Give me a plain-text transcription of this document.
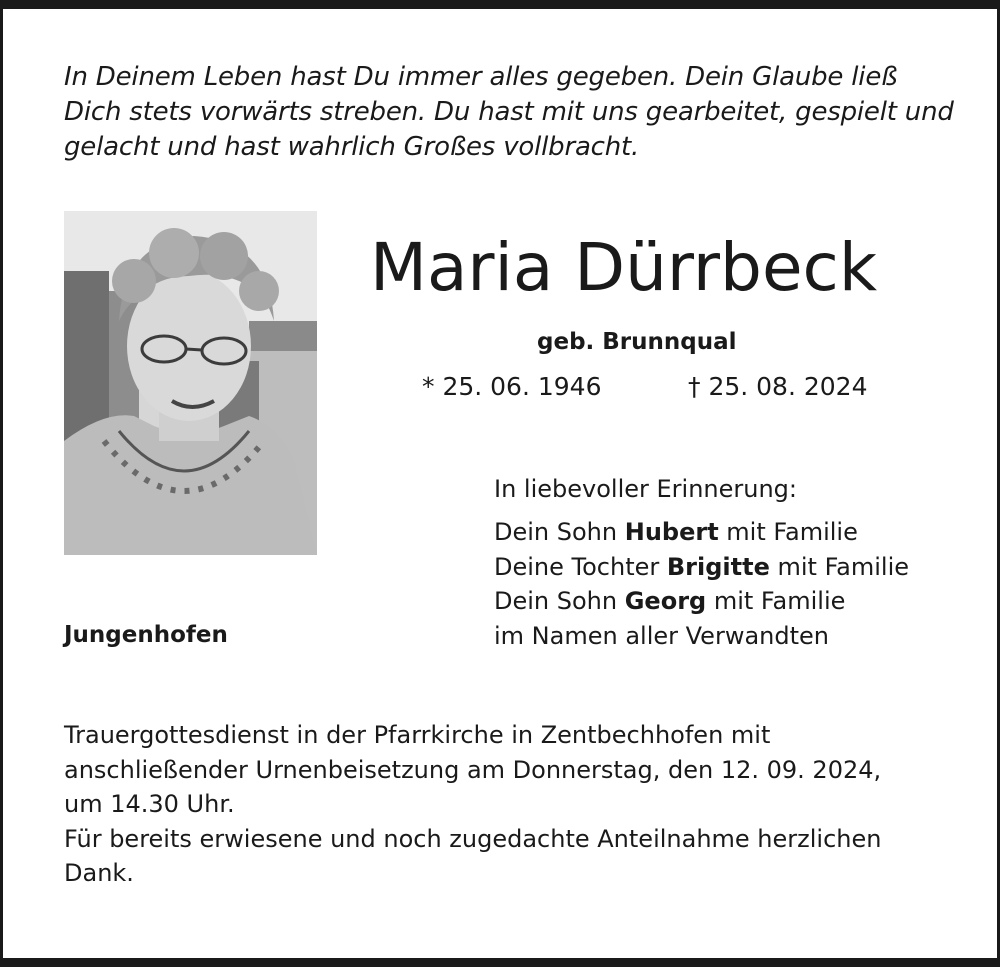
In Deinem Leben hast Du immer alles gegeben. Dein Glaube ließ
Dich stets vorwärts streben. Du hast mit uns gearbeitet, gespielt und
gelacht und hast wahrlich Großes vollbracht.
Maria Dürrbeck
geb. Brunnqual
* 25. 06. 1946	† 25. 08. 2024
In liebevoller Erinnerung:
Dein Sohn Hubert mit Familie
Deine Tochter Brigitte mit Familie
Dein Sohn Georg mit Familie
im Namen aller Verwandten
Jungenhofen
Trauergottesdienst in der Pfarrkirche in Zentbechhofen mit
anschließender Urnenbeisetzung am Donnerstag, den 12. 09. 2024,
um 14.30 Uhr.
Für bereits erwiesene und noch zugedachte Anteilnahme herzlichen
Dank.
